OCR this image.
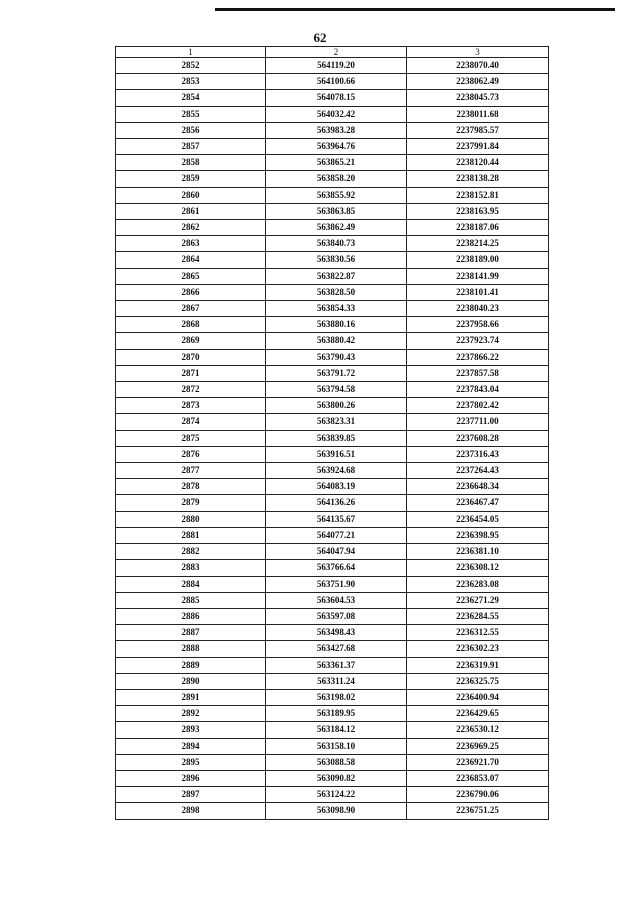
62
1	2	3
2852	564119.20	2238070.40
2853	564100.66	2238062.49
2854	564078.15	2238045.73
2855	564032.42	2238011.68
2856	563983.28	2237985.57
2857	563964.76	2237991.84
2858	563865.21	2238120.44
2859	563858.20	2238138.28
2860	563855.92	2238152.81
2861	563863.85	2238163.95
2862	563862.49	2238187.06
2863	563840.73	2238214.25
2864	563830.56	2238189.00
2865	563822.87	2238141.99
2866	563828.50	2238101.41
2867	563854.33	2238040.23
2868	563880.16	2237958.66
2869	563880.42	2237923.74
2870	563790.43	2237866.22
2871	563791.72	2237857.58
2872	563794.58	2237843.04
2873	563800.26	2237802.42
2874	563823.31	2237711.00
2875	563839.85	2237608.28
2876	563916.51	2237316.43
2877	563924.68	2237264.43
2878	564083.19	2236648.34
2879	564136.26	2236467.47
2880	564135.67	2236454.05
2881	564077.21	2236398.95
2882	564047.94	2236381.10
2883	563766.64	2236308.12
2884	563751.90	2236283.08
2885	563604.53	2236271.29
2886	563597.08	2236284.55
2887	563498.43	2236312.55
2888	563427.68	2236302.23
2889	563361.37	2236319.91
2890	563311.24	2236325.75
2891	563198.02	2236400.94
2892	563189.95	2236429.65
2893	563184.12	2236530.12
2894	563158.10	2236969.25
2895	563088.58	2236921.70
2896	563090.82	2236853.07
2897	563124.22	2236790.06
2898	563098.90	2236751.25
